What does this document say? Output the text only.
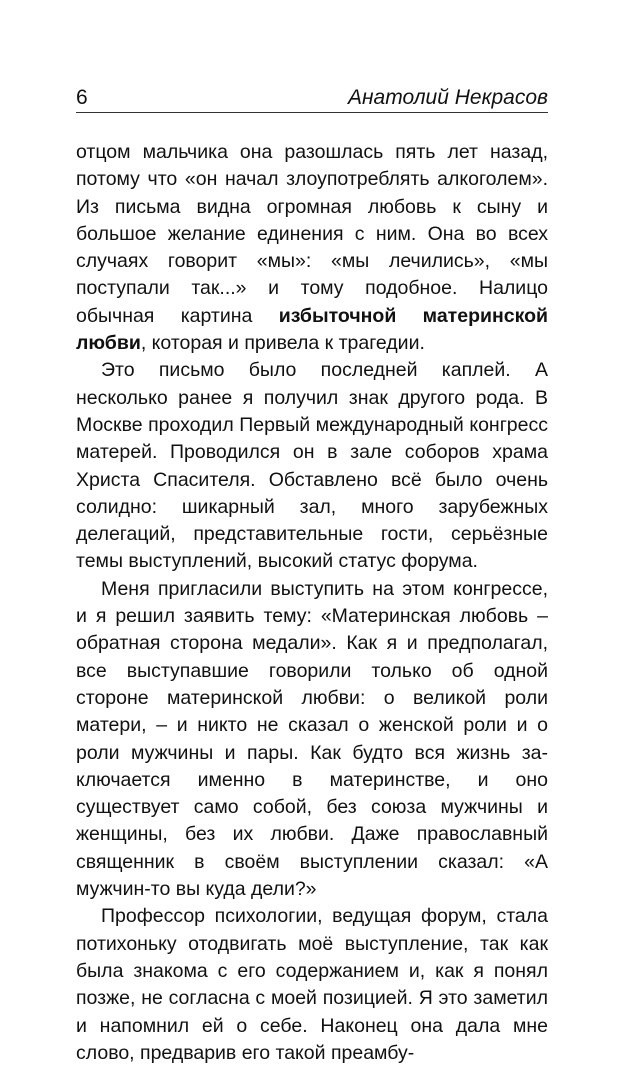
6	Анатолий Некрасов

отцом мальчика она разошлась пять лет назад, потому что «он начал злоупотреблять алкоголем». Из письма видна огромная любовь к сыну и большое желание единения с ним. Она во всех случаях говорит «мы»: «мы лечились», «мы поступали так...» и тому подобное. Налицо обычная картина избыточной материнской любви, которая и привела к трагедии.

Это письмо было последней каплей. А несколько ранее я получил знак другого рода. В Москве проходил Первый международный конгресс матерей. Проводился он в зале соборов храма Христа Спасителя. Обставлено всё было очень солидно: шикарный зал, много зарубежных делегаций, представительные гости, серьёзные темы выступлений, высокий статус форума.

Меня пригласили выступить на этом конгрессе, и я решил заявить тему: «Материнская любовь – обратная сторона медали». Как я и предполагал, все выступавшие говорили только об одной стороне материнской любви: о великой роли матери, – и никто не сказал о женской роли и о роли мужчины и пары. Как будто вся жизнь заключается именно в материнстве, и оно существует само собой, без союза мужчины и женщины, без их любви. Даже православный священник в своём выступлении сказал: «А мужчин-то вы куда дели?»

Профессор психологии, ведущая форум, стала потихоньку отодвигать моё выступление, так как была знакома с его содержанием и, как я понял позже, не согласна с моей позицией. Я это заметил и напомнил ей о себе. Наконец она дала мне слово, предварив его такой преамбу-
